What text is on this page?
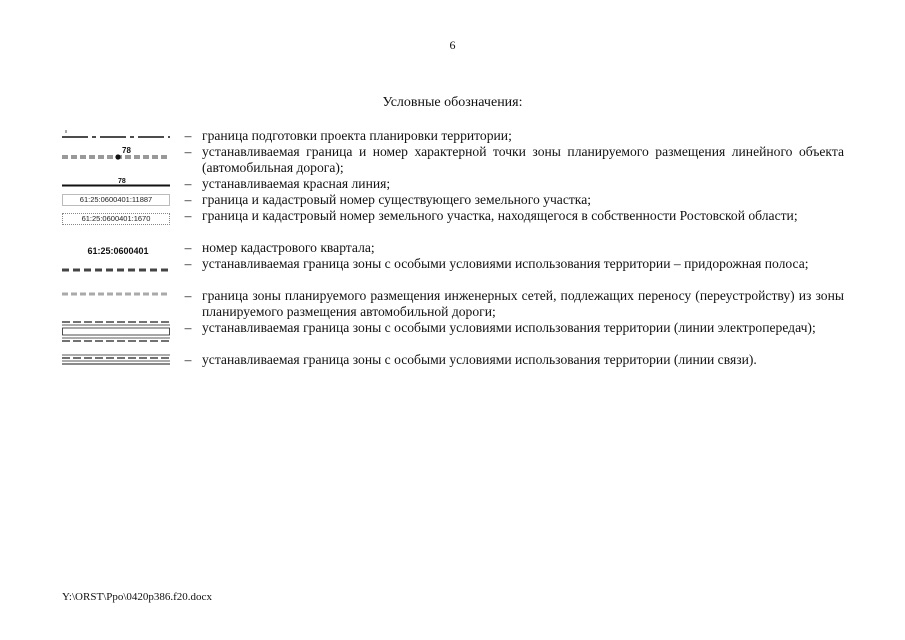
6
Условные обозначения:
– граница подготовки проекта планировки территории;
78	– устанавливаемая граница и номер характерной точки зоны планируемого размещения линейного объекта (автомобильная дорога);
78	– устанавливаемая красная линия;
61:25:0600401:11887	– граница и кадастровый номер существующего земельного участка;
61:25:0600401:1670	– граница и кадастровый номер земельного участка, находящегося в собственности Ростовской области;
61:25:0600401	– номер кадастрового квартала;
– устанавливаемая граница зоны с особыми условиями использования территории – придорожная полоса;
– граница зоны планируемого размещения инженерных сетей, подлежащих переносу (переустройству) из зоны планируемого размещения автомобильной дороги;
– устанавливаемая граница зоны с особыми условиями использования территории (линии электропередач);
– устанавливаемая граница зоны с особыми условиями использования территории (линии связи).
Y:\ORST\Ppo\0420p386.f20.docx
